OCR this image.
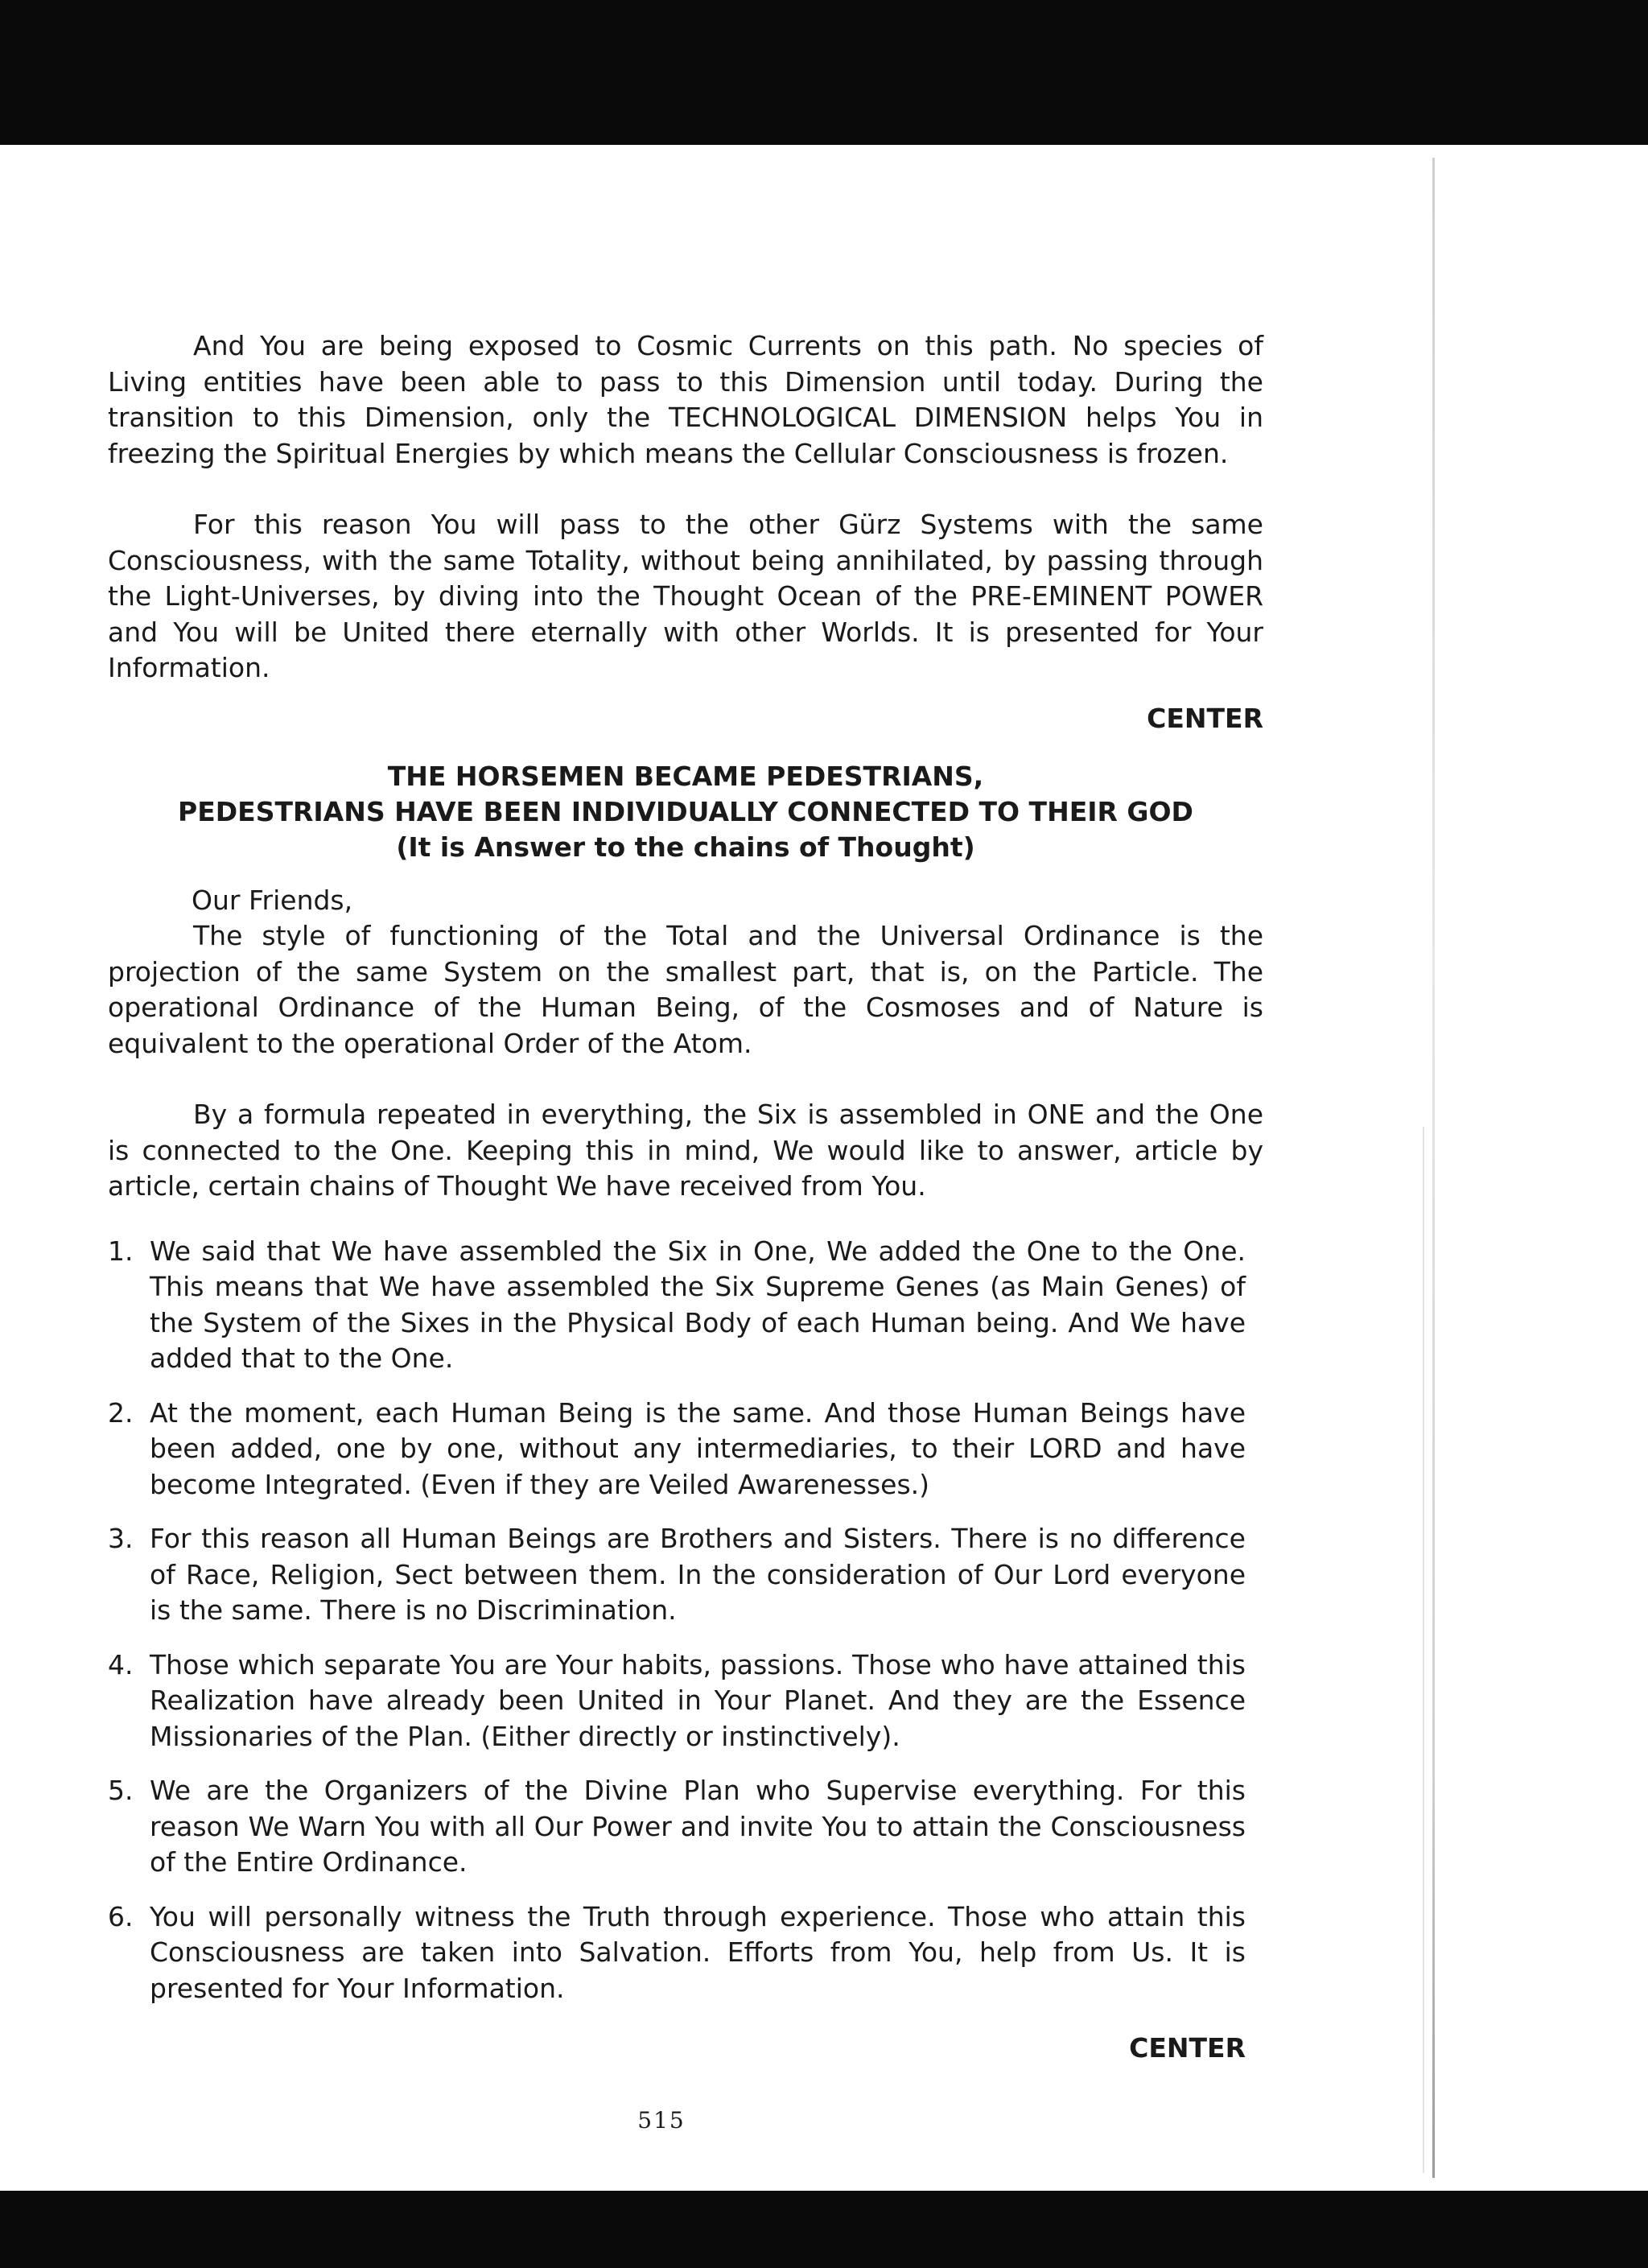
And You are being exposed to Cosmic Currents on this path. No species of Living entities have been able to pass to this Dimension until today. During the transition to this Dimension, only the TECHNOLOGICAL DIMENSION helps You in freezing the Spiritual Energies by which means the Cellular Consciousness is frozen.

For this reason You will pass to the other Gürz Systems with the same Consciousness, with the same Totality, without being annihilated, by passing through the Light-Universes, by diving into the Thought Ocean of the PRE-EMINENT POWER and You will be United there eternally with other Worlds. It is presented for Your Information.

CENTER

THE HORSEMEN BECAME PEDESTRIANS,

PEDESTRIANS HAVE BEEN INDIVIDUALLY CONNECTED TO THEIR GOD

(It is Answer to the chains of Thought)

Our Friends,

The style of functioning of the Total and the Universal Ordinance is the projection of the same System on the smallest part, that is, on the Particle. The operational Ordinance of the Human Being, of the Cosmoses and of Nature is equivalent to the operational Order of the Atom.

By a formula repeated in everything, the Six is assembled in ONE and the One is connected to the One. Keeping this in mind, We would like to answer, article by article, certain chains of Thought We have received from You.

1. We said that We have assembled the Six in One, We added the One to the One. This means that We have assembled the Six Supreme Genes (as Main Genes) of the System of the Sixes in the Physical Body of each Human being. And We have added that to the One.

2. At the moment, each Human Being is the same. And those Human Beings have been added, one by one, without any intermediaries, to their LORD and have become Integrated. (Even if they are Veiled Awarenesses.)

3. For this reason all Human Beings are Brothers and Sisters. There is no difference of Race, Religion, Sect between them. In the consideration of Our Lord everyone is the same. There is no Discrimination.

4. Those which separate You are Your habits, passions. Those who have attained this Realization have already been United in Your Planet. And they are the Essence Missionaries of the Plan. (Either directly or instinctively).

5. We are the Organizers of the Divine Plan who Supervise everything. For this reason We Warn You with all Our Power and invite You to attain the Consciousness of the Entire Ordinance.

6. You will personally witness the Truth through experience. Those who attain this Consciousness are taken into Salvation. Efforts from You, help from Us. It is presented for Your Information.

CENTER

515
